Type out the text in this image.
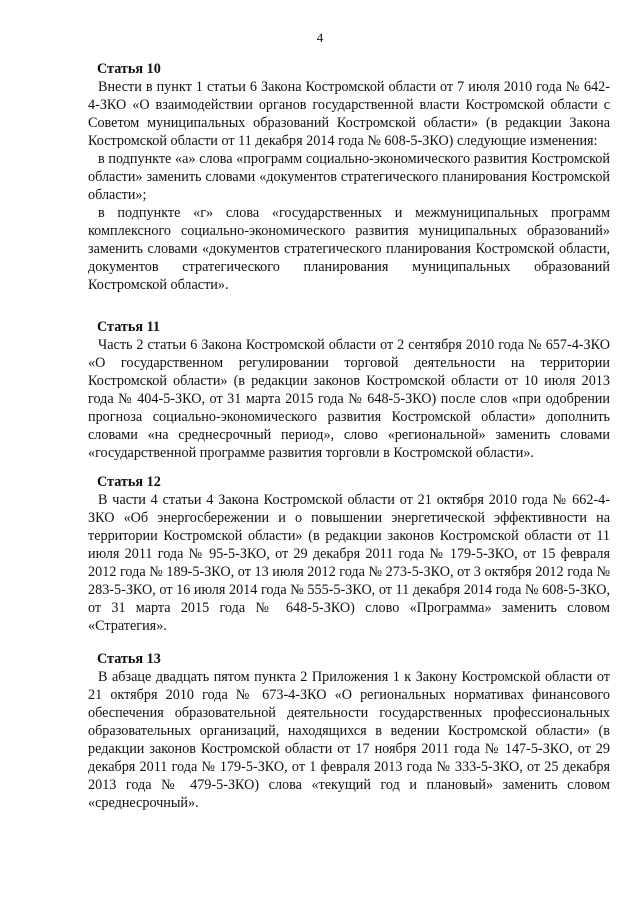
4

Статья 10

Внести в пункт 1 статьи 6 Закона Костромской области от 7 июля 2010 года № 642-4-ЗКО «О взаимодействии органов государственной власти Костромской области с Советом муниципальных образований Костромской области» (в редакции Закона Костромской области от 11 декабря 2014 года № 608-5-ЗКО) следующие изменения:

в подпункте «а» слова «программ социально-экономического развития Костромской области» заменить словами «документов стратегического планирования Костромской области»;

в подпункте «г» слова «государственных и межмуниципальных программ комплексного социально-экономического развития муниципальных образований» заменить словами «документов стратегического планирования Костромской области, документов стратегического планирования муниципальных образований Костромской области».

Статья 11

Часть 2 статьи 6 Закона Костромской области от 2 сентября 2010 года № 657-4-ЗКО «О государственном регулировании торговой деятельности на территории Костромской области» (в редакции законов Костромской области от 10 июля 2013 года № 404-5-ЗКО, от 31 марта 2015 года № 648-5-ЗКО) после слов «при одобрении прогноза социально-экономического развития Костромской области» дополнить словами «на среднесрочный период», слово «региональной» заменить словами «государственной программе развития торговли в Костромской области».

Статья 12

В части 4 статьи 4 Закона Костромской области от 21 октября 2010 года № 662-4-ЗКО «Об энергосбережении и о повышении энергетической эффективности на территории Костромской области» (в редакции законов Костромской области от 11 июля 2011 года № 95-5-ЗКО, от 29 декабря 2011 года № 179-5-ЗКО, от 15 февраля 2012 года № 189-5-ЗКО, от 13 июля 2012 года № 273-5-ЗКО, от 3 октября 2012 года № 283-5-ЗКО, от 16 июля 2014 года № 555-5-ЗКО, от 11 декабря 2014 года № 608-5-ЗКО, от 31 марта 2015 года № 648-5-ЗКО) слово «Программа» заменить словом «Стратегия».

Статья 13

В абзаце двадцать пятом пункта 2 Приложения 1 к Закону Костромской области от 21 октября 2010 года № 673-4-ЗКО «О региональных нормативах финансового обеспечения образовательной деятельности государственных профессиональных образовательных организаций, находящихся в ведении Костромской области» (в редакции законов Костромской области от 17 ноября 2011 года № 147-5-ЗКО, от 29 декабря 2011 года № 179-5-ЗКО, от 1 февраля 2013 года № 333-5-ЗКО, от 25 декабря 2013 года № 479-5-ЗКО) слова «текущий год и плановый» заменить словом «среднесрочный».
